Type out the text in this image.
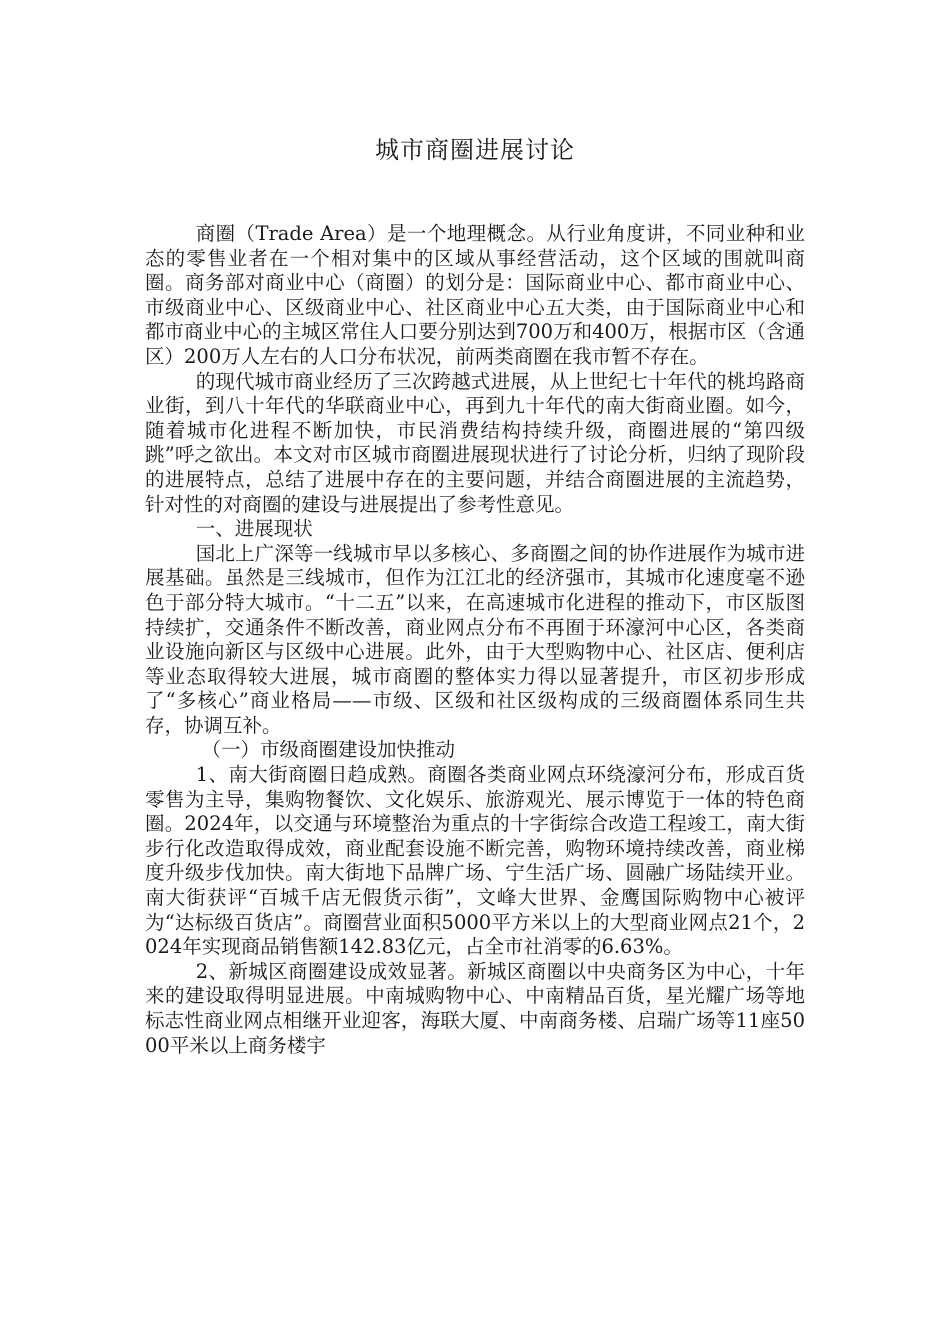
城市商圈进展讨论

商圈（Trade Area）是一个地理概念。从行业角度讲，不同业种和业态的零售业者在一个相对集中的区域从事经营活动，这个区域的围就叫商圈。商务部对商业中心（商圈）的划分是：国际商业中心、都市商业中心、市级商业中心、区级商业中心、社区商业中心五大类，由于国际商业中心和都市商业中心的主城区常住人口要分别达到700万和400万，根据市区（含通区）200万人左右的人口分布状况，前两类商圈在我市暂不存在。

的现代城市商业经历了三次跨越式进展，从上世纪七十年代的桃坞路商业街，到八十年代的华联商业中心，再到九十年代的南大街商业圈。如今，随着城市化进程不断加快，市民消费结构持续升级，商圈进展的“第四级跳”呼之欲出。本文对市区城市商圈进展现状进行了讨论分析，归纳了现阶段的进展特点，总结了进展中存在的主要问题，并结合商圈进展的主流趋势，针对性的对商圈的建设与进展提出了参考性意见。

一、进展现状

国北上广深等一线城市早以多核心、多商圈之间的协作进展作为城市进展基础。虽然是三线城市，但作为江江北的经济强市，其城市化速度毫不逊色于部分特大城市。“十二五”以来，在高速城市化进程的推动下，市区版图持续扩，交通条件不断改善，商业网点分布不再囿于环濠河中心区，各类商业设施向新区与区级中心进展。此外，由于大型购物中心、社区店、便利店等业态取得较大进展，城市商圈的整体实力得以显著提升，市区初步形成了“多核心”商业格局——市级、区级和社区级构成的三级商圈体系同生共存，协调互补。

（一）市级商圈建设加快推动

1、南大街商圈日趋成熟。商圈各类商业网点环绕濠河分布，形成百货零售为主导，集购物餐饮、文化娱乐、旅游观光、展示博览于一体的特色商圈。2024年，以交通与环境整治为重点的十字街综合改造工程竣工，南大街步行化改造取得成效，商业配套设施不断完善，购物环境持续改善，商业梯度升级步伐加快。南大街地下品牌广场、宁生活广场、圆融广场陆续开业。南大街获评“百城千店无假货示街”，文峰大世界、金鹰国际购物中心被评为“达标级百货店”。商圈营业面积5000平方米以上的大型商业网点21个，2024年实现商品销售额142.83亿元，占全市社消零的6.63%。

2、新城区商圈建设成效显著。新城区商圈以中央商务区为中心，十年来的建设取得明显进展。中南城购物中心、中南精品百货，星光耀广场等地标志性商业网点相继开业迎客，海联大厦、中南商务楼、启瑞广场等11座5000平米以上商务楼宇
